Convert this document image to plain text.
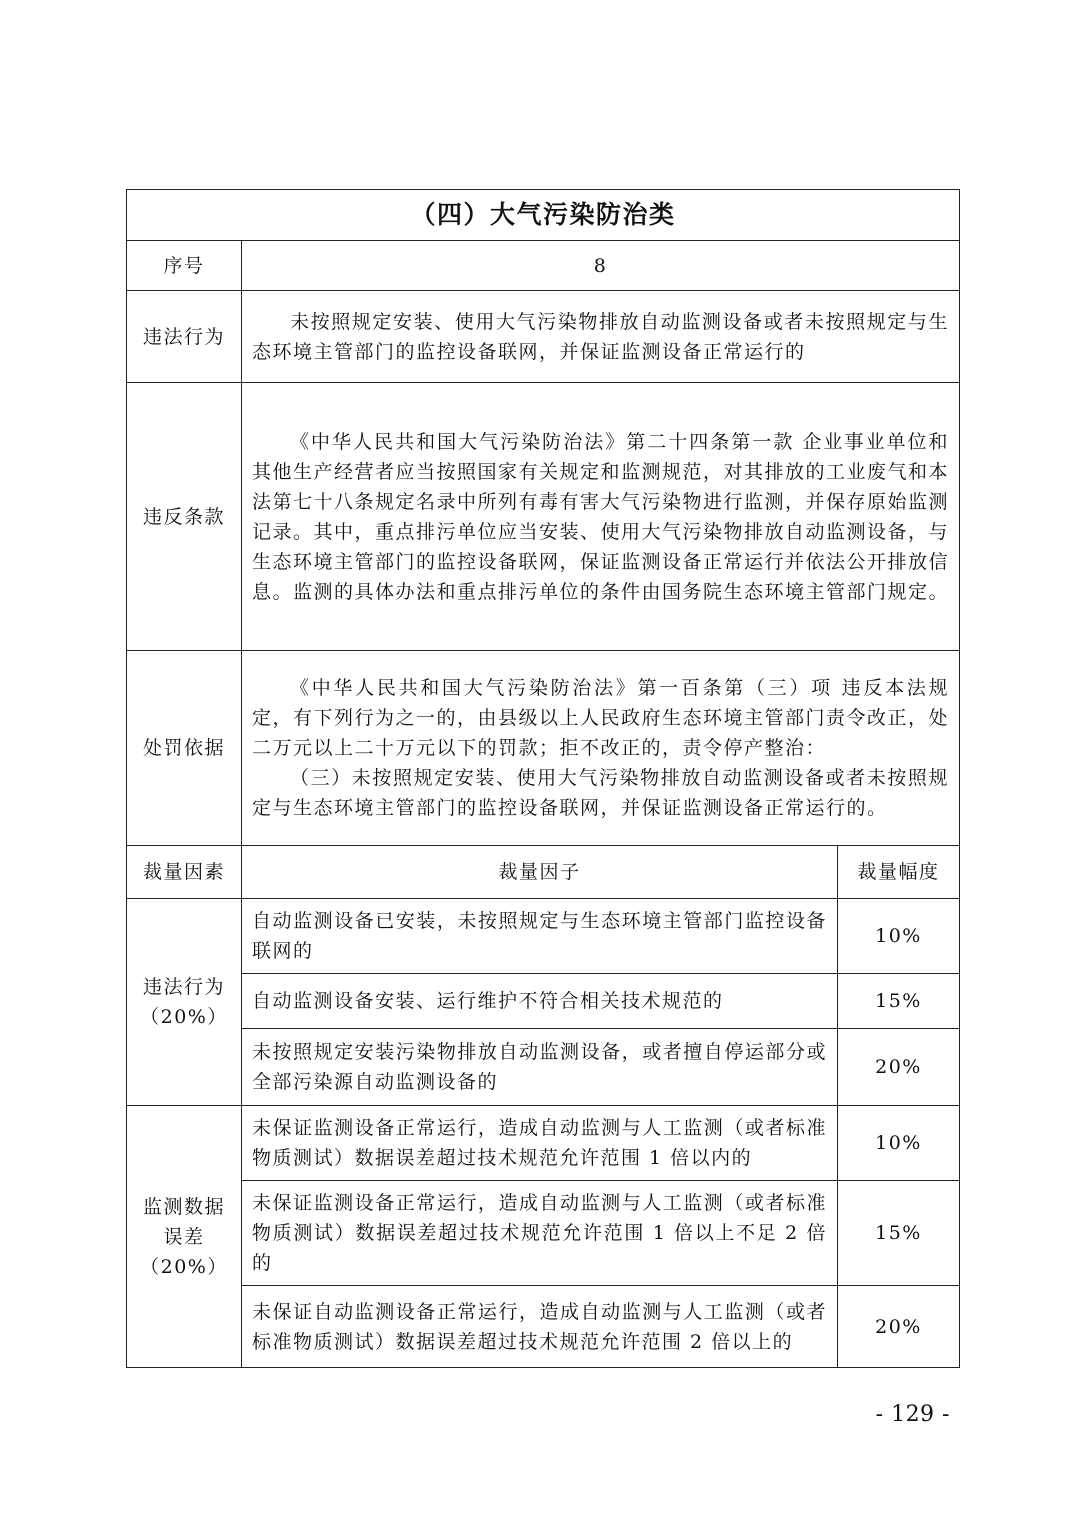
（四）大气污染防治类		
序号	8	
违法行为	未按照规定安装、使用大气污染物排放自动监测设备或者未按照规定与生态环境主管部门的监控设备联网，并保证监测设备正常运行的	

违反条款	《中华人民共和国大气污染防治法》第二十四条第一款 企业事业单位和其他生产经营者应当按照国家有关规定和监测规范，对其排放的工业废气和本法第七十八条规定名录中所列有毒有害大气污染物进行监测，并保存原始监测记录。其中，重点排污单位应当安装、使用大气污染物排放自动监测设备，与生态环境主管部门的监控设备联网，保证监测设备正常运行并依法公开排放信息。监测的具体办法和重点排污单位的条件由国务院生态环境主管部门规定。	

处罚依据	《中华人民共和国大气污染防治法》第一百条第（三）项 违反本法规定，有下列行为之一的，由县级以上人民政府生态环境主管部门责令改正，处二万元以上二十万元以下的罚款；拒不改正的，责令停产整治：
（三）未按照规定安装、使用大气污染物排放自动监测设备或者未按照规定与生态环境主管部门的监控设备联网，并保证监测设备正常运行的。	

裁量因素	裁量因子	裁量幅度

违法行为
（20%）	自动监测设备已安装，未按照规定与生态环境主管部门监控设备联网的	10%
	自动监测设备安装、运行维护不符合相关技术规范的	15%
	未按照规定安装污染物排放自动监测设备，或者擅自停运部分或全部污染源自动监测设备的	20%

监测数据
误差
（20%）	未保证监测设备正常运行，造成自动监测与人工监测（或者标准物质测试）数据误差超过技术规范允许范围 1 倍以内的	10%
	未保证监测设备正常运行，造成自动监测与人工监测（或者标准物质测试）数据误差超过技术规范允许范围 1 倍以上不足 2 倍的	15%
	未保证自动监测设备正常运行，造成自动监测与人工监测（或者标准物质测试）数据误差超过技术规范允许范围 2 倍以上的	20%
- 129 -
